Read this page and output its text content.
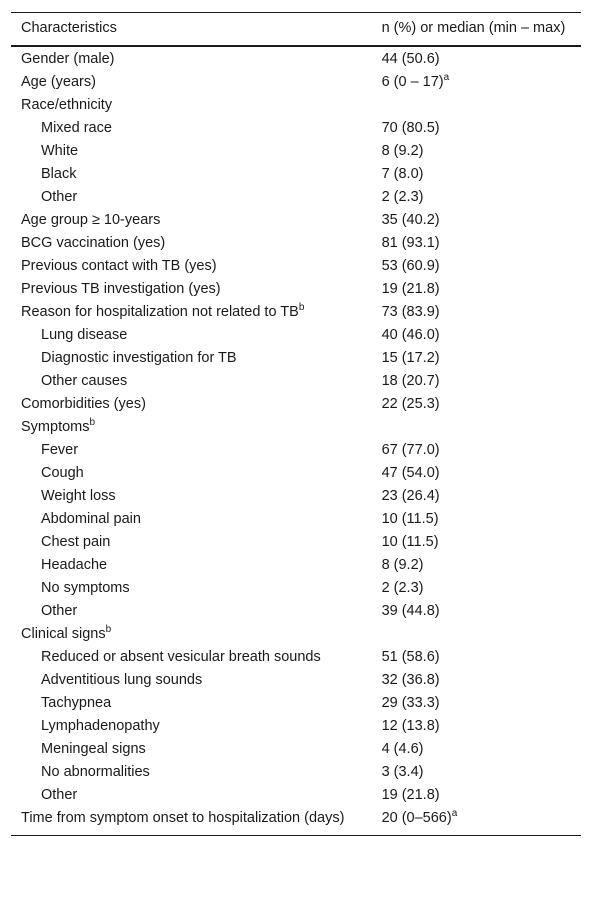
Characteristics	n (%) or median (min – max)
Gender (male)	44 (50.6)
Age (years)	6 (0 – 17)$^a$
Race/ethnicity	
Mixed race	70 (80.5)
White	8 (9.2)
Black	7 (8.0)
Other	2 (2.3)
Age group ≥ 10-years	35 (40.2)
BCG vaccination (yes)	81 (93.1)
Previous contact with TB (yes)	53 (60.9)
Previous TB investigation (yes)	19 (21.8)
Reason for hospitalization not related to $TB^b$	73 (83.9)
Lung disease	40 (46.0)
Diagnostic investigation for TB	15 (17.2)
Other causes	18 (20.7)
Comorbidities (yes)	22 (25.3)
Symptoms$^b$	
Fever	67 (77.0)
Cough	47 (54.0)
Weight loss	23 (26.4)
Abdominal pain	10 (11.5)
Chest pain	10 (11.5)
Headache	8 (9.2)
No symptoms	2 (2.3)
Other	39 (44.8)
Clinical signs$^b$	
Reduced or absent vesicular breath sounds	51 (58.6)
Adventitious lung sounds	32 (36.8)
Tachypnea	29 (33.3)
Lymphadenopathy	12 (13.8)
Meningeal signs	4 (4.6)
No abnormalities	3 (3.4)
Other	19 (21.8)
Time from symptom onset to hospitalization (days)	20 $(0-566)^a$
